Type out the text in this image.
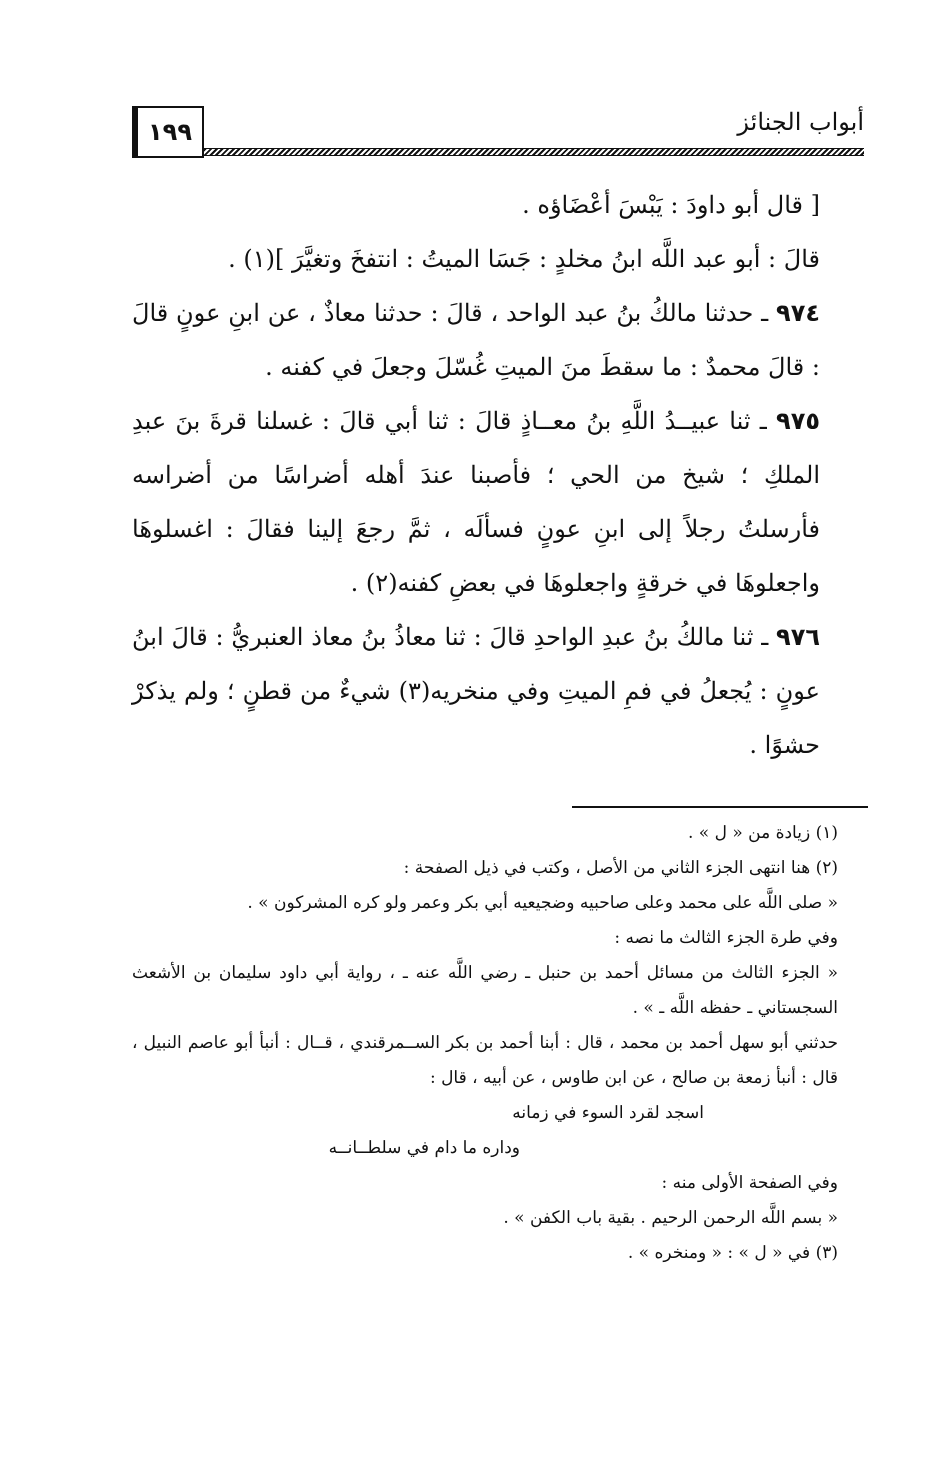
١٩٩	أبواب الجنائز

[ قال أبو داودَ : يَبْسَ أعْضَاؤه .

قالَ : أبو عبد اللَّه ابنُ مخلدٍ : جَسَا الميتُ : انتفخَ وتغيَّرَ ](١) .

٩٧٤ ـ حدثنا مالكُ بنُ عبد الواحد ، قالَ : حدثنا معاذٌ ، عن ابنِ عونٍ قالَ : قالَ محمدٌ : ما سقطَ منَ الميتِ غُسّلَ وجعلَ في كفنه .

٩٧٥ ـ ثنا عبيــدُ اللَّهِ بنُ معــاذٍ قالَ : ثنا أبي قالَ : غسلنا قرةَ بنَ عبدِ الملكِ ؛ شيخ من الحي ؛ فأصبنا عندَ أهله أضراسًا من أضراسه فأرسلتُ رجلاً إلى ابنِ عونٍ فسألَه ، ثمَّ رجعَ إلينا فقالَ : اغسلوهَا واجعلوهَا في خرقةٍ واجعلوهَا في بعضِ كفنه(٢) .

٩٧٦ ـ ثنا مالكُ بنُ عبدِ الواحدِ قالَ : ثنا معاذُ بنُ معاذ العنبريُّ : قالَ ابنُ عونٍ : يُجعلُ في فمِ الميتِ وفي منخريه(٣) شيءٌ من قطنٍ ؛ ولم يذكرْ حشوًا .

(١) زيادة من « ل » .

(٢) هنا انتهى الجزء الثاني من الأصل ، وكتب في ذيل الصفحة :

« صلى اللَّه على محمد وعلى صاحبيه وضجيعيه أبي بكر وعمر ولو كره المشركون » .

وفي طرة الجزء الثالث ما نصه :

« الجزء الثالث من مسائل أحمد بن حنبل ـ رضي اللَّه عنه ـ ، رواية أبي داود سليمان بن الأشعث السجستاني ـ حفظه اللَّه ـ » .

حدثني أبو سهل أحمد بن محمد ، قال : أبنا أحمد بن بكر الســمرقندي ، قــال : أنبأ أبو عاصم النبيل ، قال : أنبأ زمعة بن صالح ، عن ابن طاوس ، عن أبيه ، قال :

اسجد لقرد السوء في زمانه

وداره ما دام في سلطــانــه

وفي الصفحة الأولى منه :

« بسم اللَّه الرحمن الرحيم . بقية باب الكفن » .

(٣) في « ل » : « ومنخره » .
